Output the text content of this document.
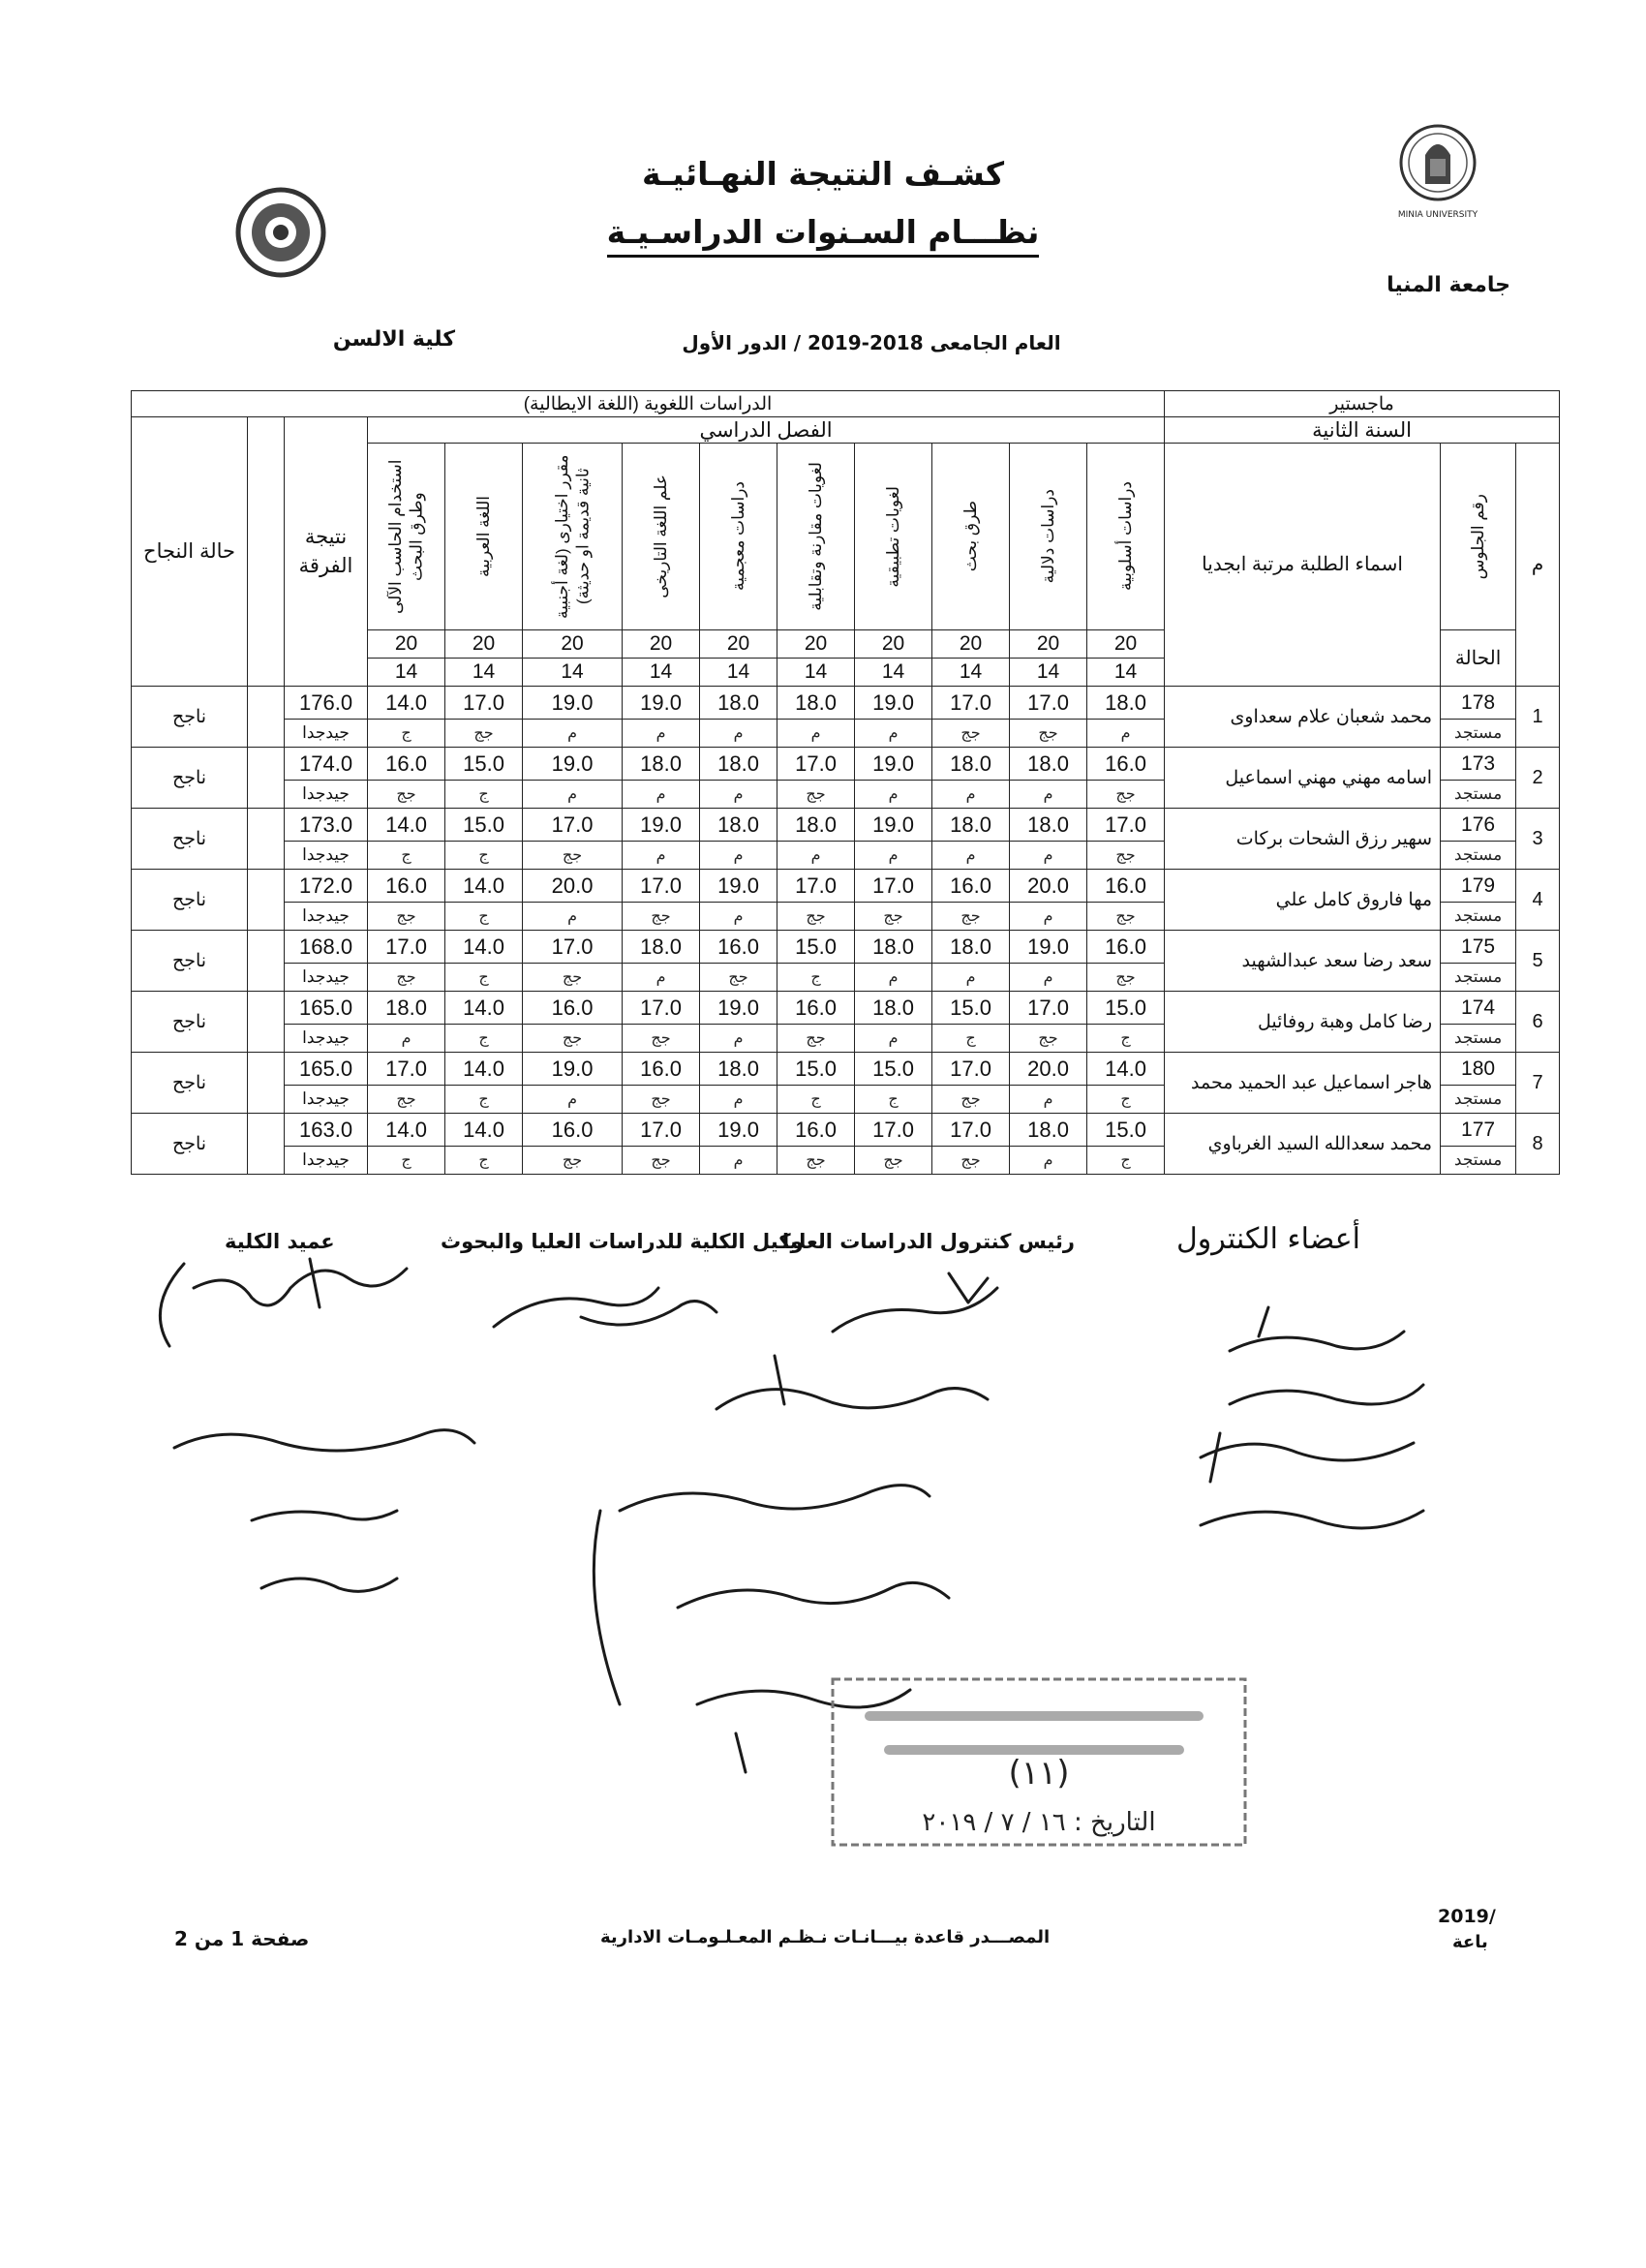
MINIA UNIVERSITY
كشـف النتيجة النهـائيـة
نظـــام السـنوات الدراسـيـة
جامعة المنيا
كلية الالسن	العام الجامعى 2018-2019 / الدور الأول
ماجستير			الدراسات اللغوية (اللغة الايطالية)												
السنة الثانية			الفصل الدراسي										نتيجة الفرقة		حالة النجاح
م	رقم الجلوس	اسماء الطلبة مرتبة ابجديا	دراسات أسلوبية	دراسات دلالية	طرق بحث	لغويات تطبيقية	لغويات مقارنة وتقابلية	دراسات معجمية	علم اللغة التاريخى	مقرر اختيارى (لغة أجنبية ثانية قديمة او حديثة)	اللغة العربية	استخدام الحاسب الآلى وطرق البحث			

	الحالة		20	20	20	20	20	20	20	20	20	20			
			14	14	14	14	14	14	14	14	14	14			
1	178	محمد شعبان علام سعداوى	18.0	17.0	17.0	19.0	18.0	18.0	19.0	19.0	17.0	14.0	176.0		ناجح
	مستجد		م	جج	جج	م	م	م	م	م	جج	ج	جيدجدا		
2	173	اسامه مهني مهني اسماعيل	16.0	18.0	18.0	19.0	17.0	18.0	18.0	19.0	15.0	16.0	174.0		ناجح
	مستجد		جج	م	م	م	جج	م	م	م	ج	جج	جيدجدا		
3	176	سهير رزق الشحات بركات	17.0	18.0	18.0	19.0	18.0	18.0	19.0	17.0	15.0	14.0	173.0		ناجح
	مستجد		جج	م	م	م	م	م	م	جج	ج	ج	جيدجدا		
4	179	مها فاروق كامل علي	16.0	20.0	16.0	17.0	17.0	19.0	17.0	20.0	14.0	16.0	172.0		ناجح
	مستجد		جج	م	جج	جج	جج	م	جج	م	ج	جج	جيدجدا		
5	175	سعد رضا سعد عبدالشهيد	16.0	19.0	18.0	18.0	15.0	16.0	18.0	17.0	14.0	17.0	168.0		ناجح
	مستجد		جج	م	م	م	ج	جج	م	جج	ج	جج	جيدجدا		
6	174	رضا كامل وهبة روفائيل	15.0	17.0	15.0	18.0	16.0	19.0	17.0	16.0	14.0	18.0	165.0		ناجح
	مستجد		ج	جج	ج	م	جج	م	جج	جج	ج	م	جيدجدا		
7	180	هاجر اسماعيل عبد الحميد محمد	14.0	20.0	17.0	15.0	15.0	18.0	16.0	19.0	14.0	17.0	165.0		ناجح
	مستجد		ج	م	جج	ج	ج	م	جج	م	ج	جج	جيدجدا		
8	177	محمد سعدالله السيد الغرباوي	15.0	18.0	17.0	17.0	16.0	19.0	17.0	16.0	14.0	14.0	163.0		ناجح
	مستجد		ج	م	جج	جج	جج	م	جج	جج	ج	ج	جيدجدا		
عميد الكلية	وكيل الكلية للدراسات العليا والبحوث
رئيس كنترول الدراسات العليا	أعضاء الكنترول
(١١)
التاريخ : ١٦ / ٧ / ٢٠١٩
2019/
باعة
المصـــدر قاعدة بيـــانـات نـظـم المعـلـومـات الادارية
صفحة 1 من 2
